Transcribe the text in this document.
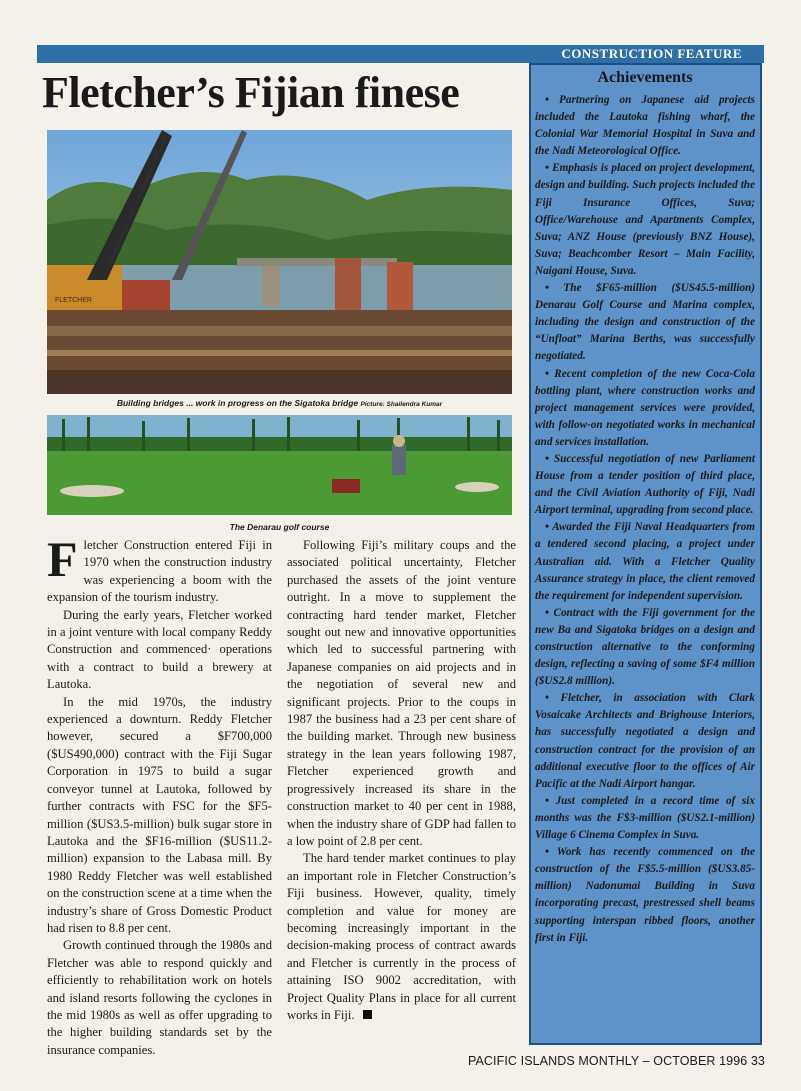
CONSTRUCTION FEATURE
Fletcher’s Fijian finese
FLETCHER
Building bridges ... work in progress on the Sigatoka bridge Picture: Shailendra Kumar
The Denarau golf course

Fletcher Construction entered Fiji in 1970 when the construction industry was experiencing a boom with the expansion of the tourism industry.

During the early years, Fletcher worked in a joint venture with local company Reddy Construction and commenced· operations with a contract to build a brewery at Lautoka.

In the mid 1970s, the industry experienced a downturn. Reddy Fletcher however, secured a $F700,000 ($US490,000) contract with the Fiji Sugar Corporation in 1975 to build a sugar conveyor tunnel at Lautoka, followed by further contracts with FSC for the $F5-million ($US3.5-million) bulk sugar store in Lautoka and the $F16-million ($US11.2-million) expansion to the Labasa mill. By 1980 Reddy Fletcher was well established on the construction scene at a time when the industry’s share of Gross Domestic Product had risen to 8.8 per cent.

Growth continued through the 1980s and Fletcher was able to respond quickly and efficiently to rehabilitation work on hotels and island resorts following the cyclones in the mid 1980s as well as offer upgrading to the higher building standards set by the insurance companies.

Following Fiji’s military coups and the associated political uncertainty, Fletcher purchased the assets of the joint venture outright. In a move to supplement the contracting hard tender market, Fletcher sought out new and innovative opportunities which led to successful partnering with Japanese companies on aid projects and in the negotiation of several new and significant projects. Prior to the coups in 1987 the business had a 23 per cent share of the building market. Through new business strategy in the lean years following 1987, Fletcher experienced growth and progressively increased its share in the construction market to 40 per cent in 1988, when the industry share of GDP had fallen to a low point of 2.8 per cent.

The hard tender market continues to play an important role in Fletcher Construction’s Fiji business. However, quality, timely completion and value for money are becoming increasingly important in the decision-making process of contract awards and Fletcher is currently in the process of attaining ISO 9002 accreditation, with Project Quality Plans in place for all current works in Fiji.

Achievements

• Partnering on Japanese aid projects included the Lautoka fishing wharf, the Colonial War Memorial Hospital in Suva and the Nadi Meteorological Office.

• Emphasis is placed on project development, design and building. Such projects included the Fiji Insurance Offices, Suva; Office/Warehouse and Apartments Complex, Suva; ANZ House (previously BNZ House), Suva; Beachcomber Resort – Main Facility, Naigani House, Suva.

• The $F65-million ($US45.5-million) Denarau Golf Course and Marina complex, including the design and construction of the “Unfloat” Marina Berths, was successfully negotiated.

• Recent completion of the new Coca-Cola bottling plant, where construction works and project management services were provided, with follow-on negotiated works in mechanical and services installation.

• Successful negotiation of new Parliament House from a tender position of third place, and the Civil Aviation Authority of Fiji, Nadi Airport terminal, upgrading from second place.

• Awarded the Fiji Naval Headquarters from a tendered second placing, a project under Australian aid. With a Fletcher Quality Assurance strategy in place, the client removed the requirement for independent supervision.

• Contract with the Fiji government for the new Ba and Sigatoka bridges on a design and construction alternative to the conforming design, reflecting a saving of some $F4 million ($US2.8 million).

• Fletcher, in association with Clark Vosaicake Architects and Brighouse Interiors, has successfully negotiated a design and construction contract for the provision of an additional executive floor to the offices of Air Pacific at the Nadi Airport hangar.

• Just completed in a record time of six months was the F$3-million ($US2.1-million) Village 6 Cinema Complex in Suva.

• Work has recently commenced on the construction of the F$5.5-million ($US3.85-million) Nadonumai Building in Suva incorporating precast, prestressed shell beams supporting interspan ribbed floors, another first in Fiji.

PACIFIC ISLANDS MONTHLY – OCTOBER 1996 33
